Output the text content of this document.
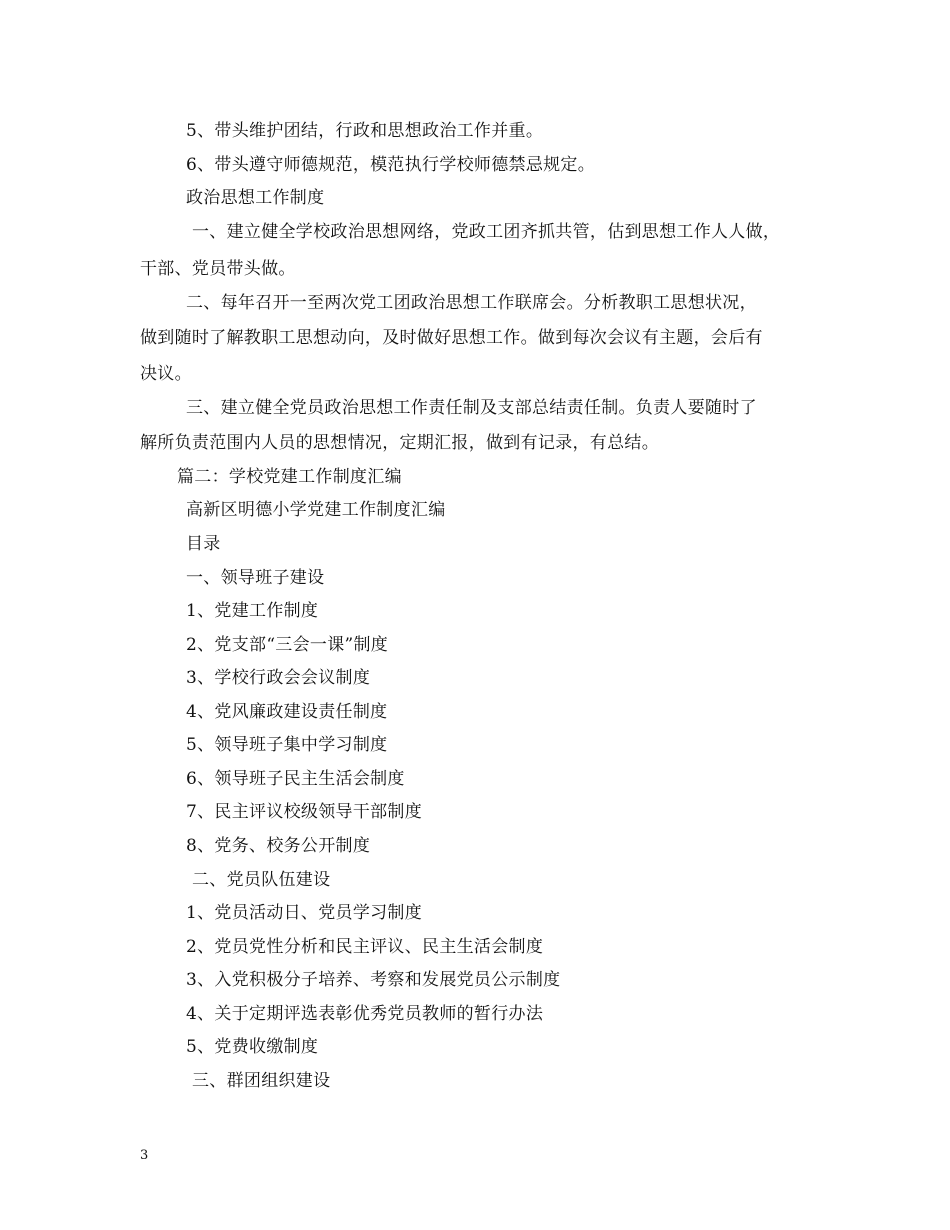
5、带头维护团结，行政和思想政治工作并重。
6、带头遵守师德规范，模范执行学校师德禁忌规定。
政治思想工作制度
一、建立健全学校政治思想网络，党政工团齐抓共管，估到思想工作人人做，
干部、党员带头做。
二、每年召开一至两次党工团政治思想工作联席会。分析教职工思想状况，
做到随时了解教职工思想动向，及时做好思想工作。做到每次会议有主题，会后有
决议。
三、建立健全党员政治思想工作责任制及支部总结责任制。负责人要随时了
解所负责范围内人员的思想情况，定期汇报，做到有记录，有总结。
篇二：学校党建工作制度汇编
高新区明德小学党建工作制度汇编
目录
一、领导班子建设
1、党建工作制度
2、党支部“三会一课”制度
3、学校行政会会议制度
4、党风廉政建设责任制度
5、领导班子集中学习制度
6、领导班子民主生活会制度
7、民主评议校级领导干部制度
8、党务、校务公开制度
二、党员队伍建设
1、党员活动日、党员学习制度
2、党员党性分析和民主评议、民主生活会制度
3、入党积极分子培养、考察和发展党员公示制度
4、关于定期评选表彰优秀党员教师的暂行办法
5、党费收缴制度
三、群团组织建设
3
